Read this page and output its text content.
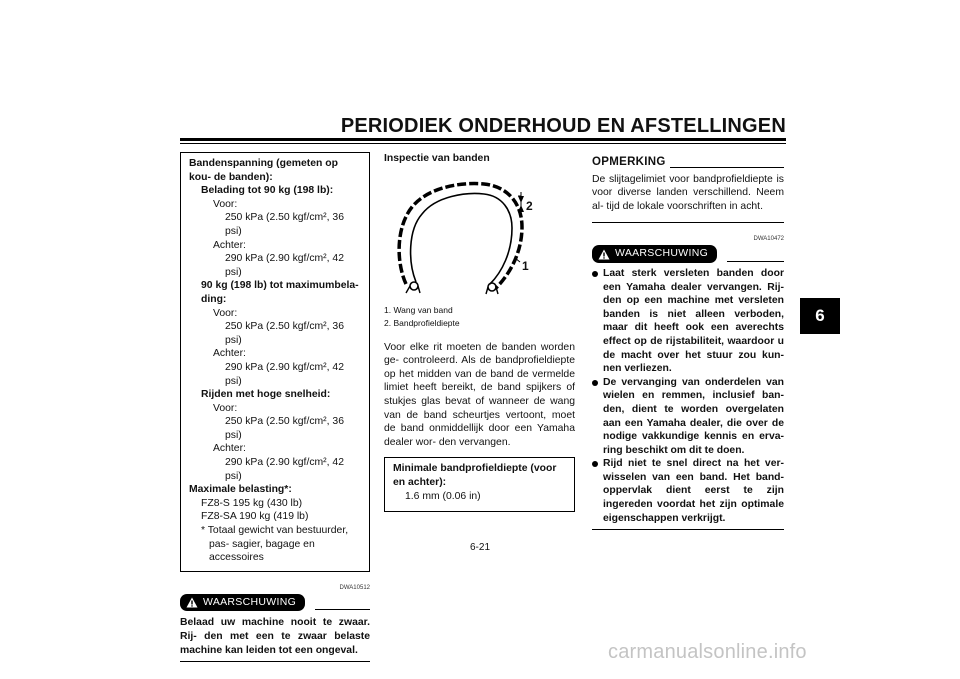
PERIODIEK ONDERHOUD EN AFSTELLINGEN
6
Bandenspanning (gemeten op kou- de banden):
Belading tot 90 kg (198 lb):
Voor:
250 kPa (2.50 kgf/cm², 36 psi)
Achter:
290 kPa (2.90 kgf/cm², 42 psi)
90 kg (198 lb) tot maximumbela- ding:
Voor:
250 kPa (2.50 kgf/cm², 36 psi)
Achter:
290 kPa (2.90 kgf/cm², 42 psi)
Rijden met hoge snelheid:
Voor:
250 kPa (2.50 kgf/cm², 36 psi)
Achter:
290 kPa (2.90 kgf/cm², 42 psi)
Maximale belasting*:
FZ8-S 195 kg (430 lb)
FZ8-SA 190 kg (419 lb)
* Totaal gewicht van bestuurder, pas- sagier, bagage en accessoires
DWA10512
WAARSCHUWING
Belaad uw machine nooit te zwaar. Rij- den met een te zwaar belaste machine kan leiden tot een ongeval.
Inspectie van banden
2
1
1. Wang van band
2. Bandprofieldiepte
Voor elke rit moeten de banden worden ge- controleerd. Als de bandprofieldiepte op het midden van de band de vermelde limiet heeft bereikt, de band spijkers of stukjes glas bevat of wanneer de wang van de band scheurtjes vertoont, moet de band onmiddellijk door een Yamaha dealer wor- den vervangen.
Minimale bandprofieldiepte (voor en achter):
1.6 mm (0.06 in)
OPMERKING
De slijtagelimiet voor bandprofieldiepte is voor diverse landen verschillend. Neem al- tijd de lokale voorschriften in acht.
DWA10472
WAARSCHUWING
Laat sterk versleten banden door een Yamaha dealer vervangen. Rij- den op een machine met versleten banden is niet alleen verboden, maar dit heeft ook een averechts effect op de rijstabiliteit, waardoor u de macht over het stuur zou kun- nen verliezen.
De vervanging van onderdelen van wielen en remmen, inclusief ban- den, dient te worden overgelaten aan een Yamaha dealer, die over de nodige vakkundige kennis en erva- ring beschikt om dit te doen.
Rijd niet te snel direct na het ver- wisselen van een band. Het band- oppervlak dient eerst te zijn ingereden voordat het zijn optimale eigenschappen verkrijgt.
6-21
carmanualsonline.info
